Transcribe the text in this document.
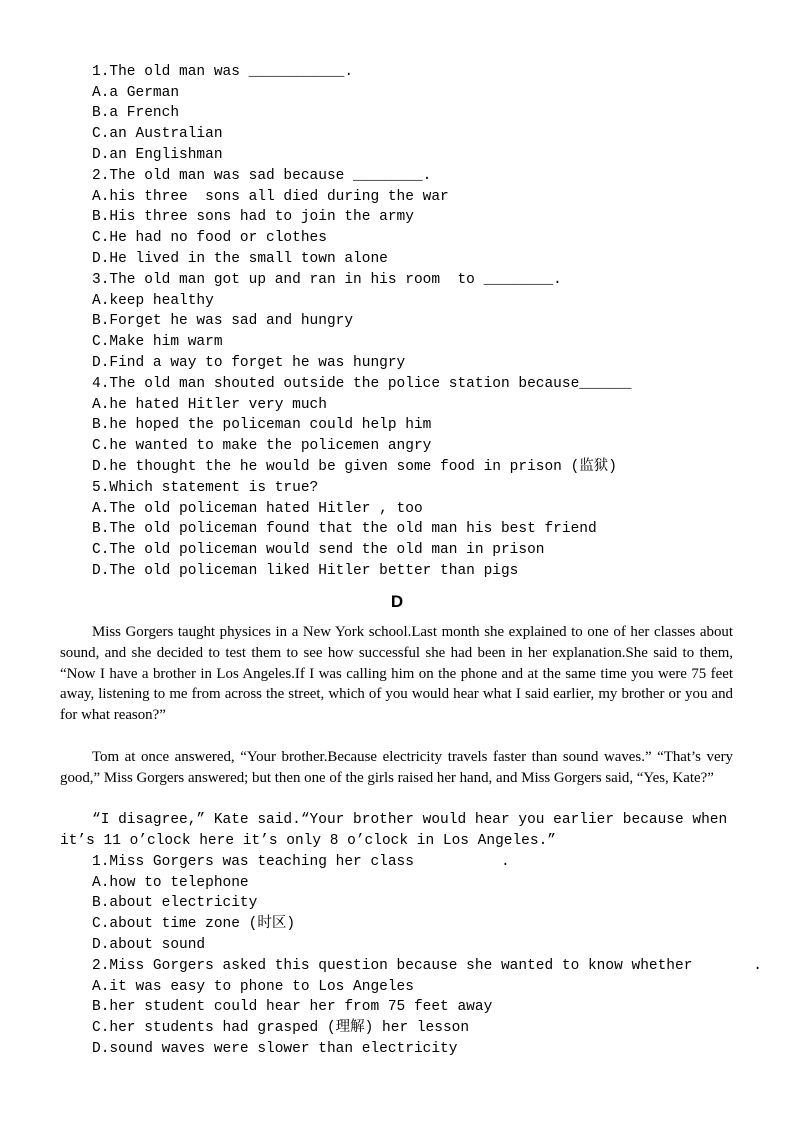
1.The old man was ___________.
A.a German
B.a French
C.an Australian
D.an Englishman
2.The old man was sad because ________.
A.his three  sons all died during the war
B.His three sons had to join the army
C.He had no food or clothes
D.He lived in the small town alone
3.The old man got up and ran in his room  to ________.
A.keep healthy
B.Forget he was sad and hungry
C.Make him warm
D.Find a way to forget he was hungry
4.The old man shouted outside the police station because______
A.he hated Hitler very much
B.he hoped the policeman could help him
C.he wanted to make the policemen angry
D.he thought the he would be given some food in prison (监狱)
5.Which statement is true?
A.The old policeman hated Hitler , too
B.The old policeman found that the old man his best friend
C.The old policeman would send the old man in prison
D.The old policeman liked Hitler better than pigs
D
Miss Gorgers taught physices in a New York school.Last month she explained to one of her classes about sound, and she decided to test them to see how successful she had been in her explanation.She said to them, “Now I have a brother in Los Angeles.If I was calling him on the phone and at the same time you were 75 feet away, listening to me from across the street, which of you would hear what I said earlier, my brother or you and for what reason?”
Tom at once answered, “Your brother.Because electricity travels faster than sound waves.” “That’s very good,” Miss Gorgers answered; but then one of the girls raised her hand, and Miss Gorgers said, “Yes, Kate?”
“I disagree,” Kate said.“Your brother would hear you earlier because when it’s 11 o’clock here it’s only 8 o’clock in Los Angeles.”
1.Miss Gorgers was teaching her class          .
A.how to telephone
B.about electricity
C.about time zone (时区)
D.about sound
2.Miss Gorgers asked this question because she wanted to know whether       .
A.it was easy to phone to Los Angeles
B.her student could hear her from 75 feet away
C.her students had grasped (理解) her lesson
D.sound waves were slower than electricity
